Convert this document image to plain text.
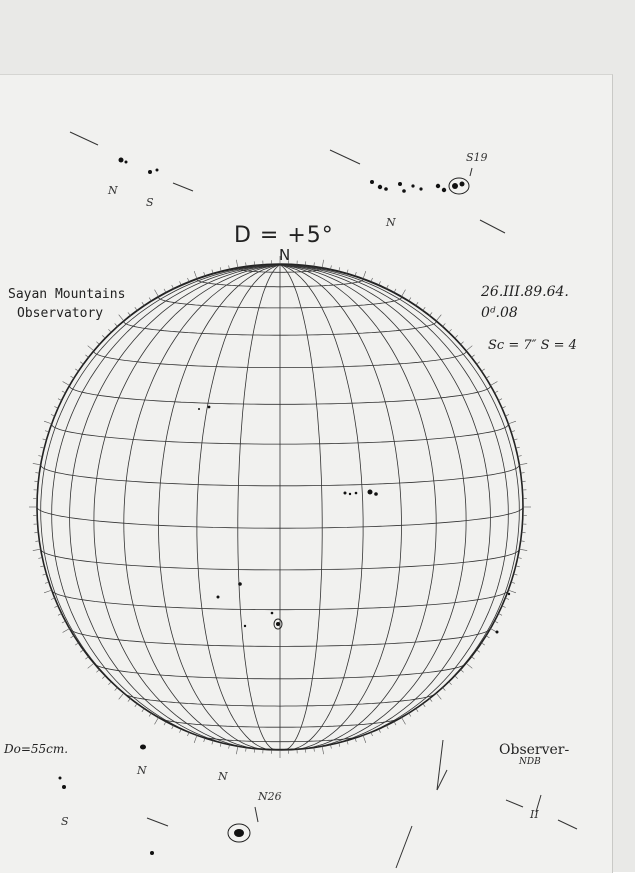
Sayan Mountains
Observatory
D = +5°
N
26.III.89.64.
0ᵈ.08
Sc = 7″ S = 4
Do=55cm.	Observer-
NDB
S19
N26
N
S
N
N
S
N
II
